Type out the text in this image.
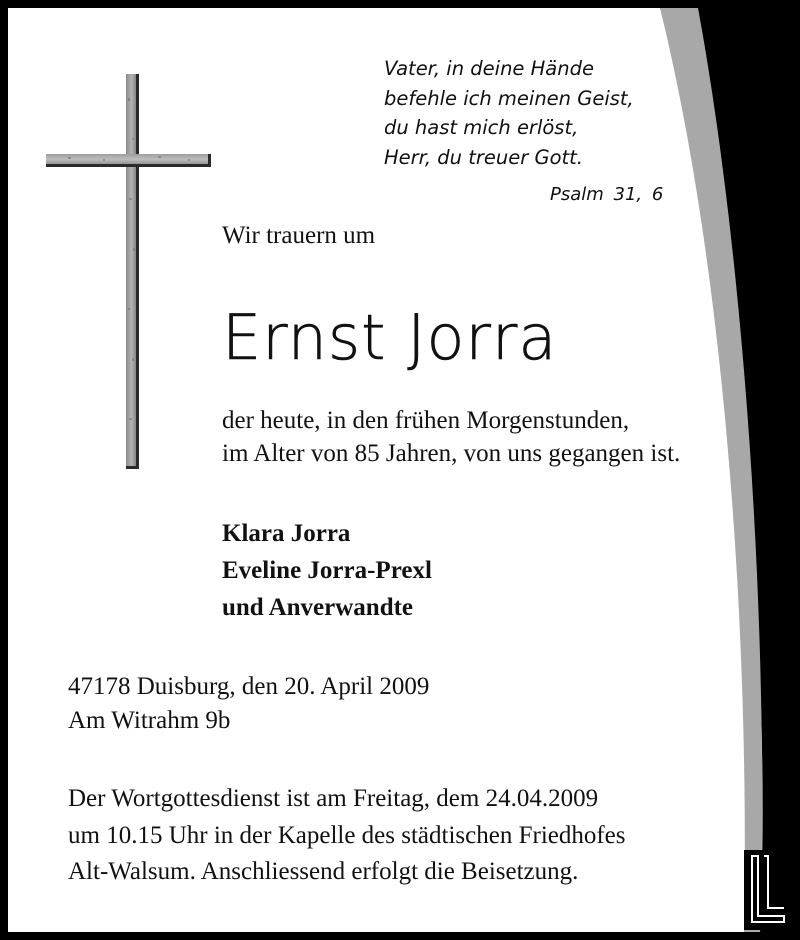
Vater, in deine Hände
befehle ich meinen Geist,
du hast mich erlöst,
Herr, du treuer Gott.
Psalm 31, 6
Wir trauern um
Ernst Jorra
der heute, in den frühen Morgenstunden,
im Alter von 85 Jahren, von uns gegangen ist.
Klara Jorra
Eveline Jorra-Prexl
und Anverwandte
47178 Duisburg, den 20. April 2009
Am Witrahm 9b
Der Wortgottesdienst ist am Freitag, dem 24.04.2009
um 10.15 Uhr in der Kapelle des städtischen Friedhofes
Alt-Walsum. Anschliessend erfolgt die Beisetzung.
